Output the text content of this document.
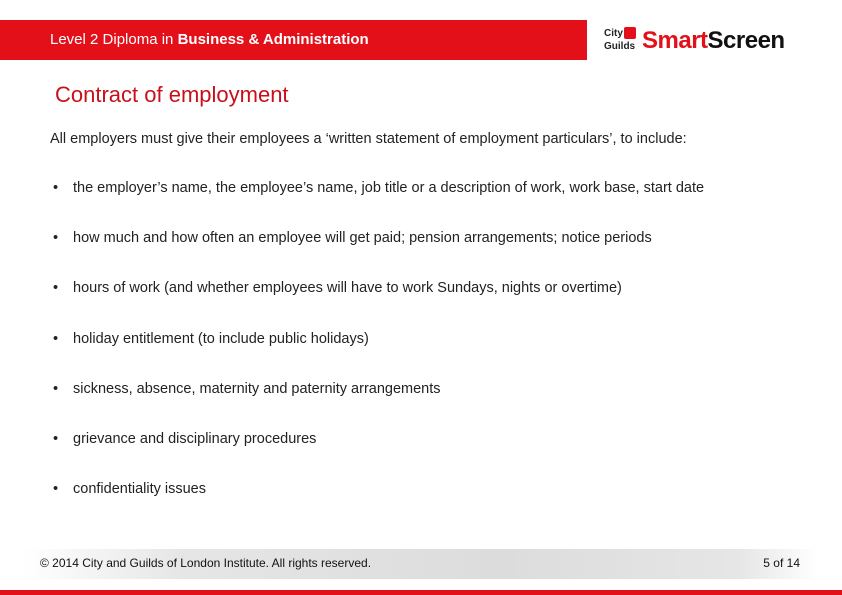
Level 2 Diploma in Business & Administration	City
Guilds SmartScreen
Contract of employment
All employers must give their employees a ‘written statement of employment particulars’, to include:
• the employer’s name, the employee’s name, job title or a description of work, work base, start date
• how much and how often an employee will get paid; pension arrangements; notice periods
• hours of work (and whether employees will have to work Sundays, nights or overtime)
• holiday entitlement (to include public holidays)
• sickness, absence, maternity and paternity arrangements
• grievance and disciplinary procedures
• confidentiality issues
© 2014 City and Guilds of London Institute. All rights reserved.	5 of 14
